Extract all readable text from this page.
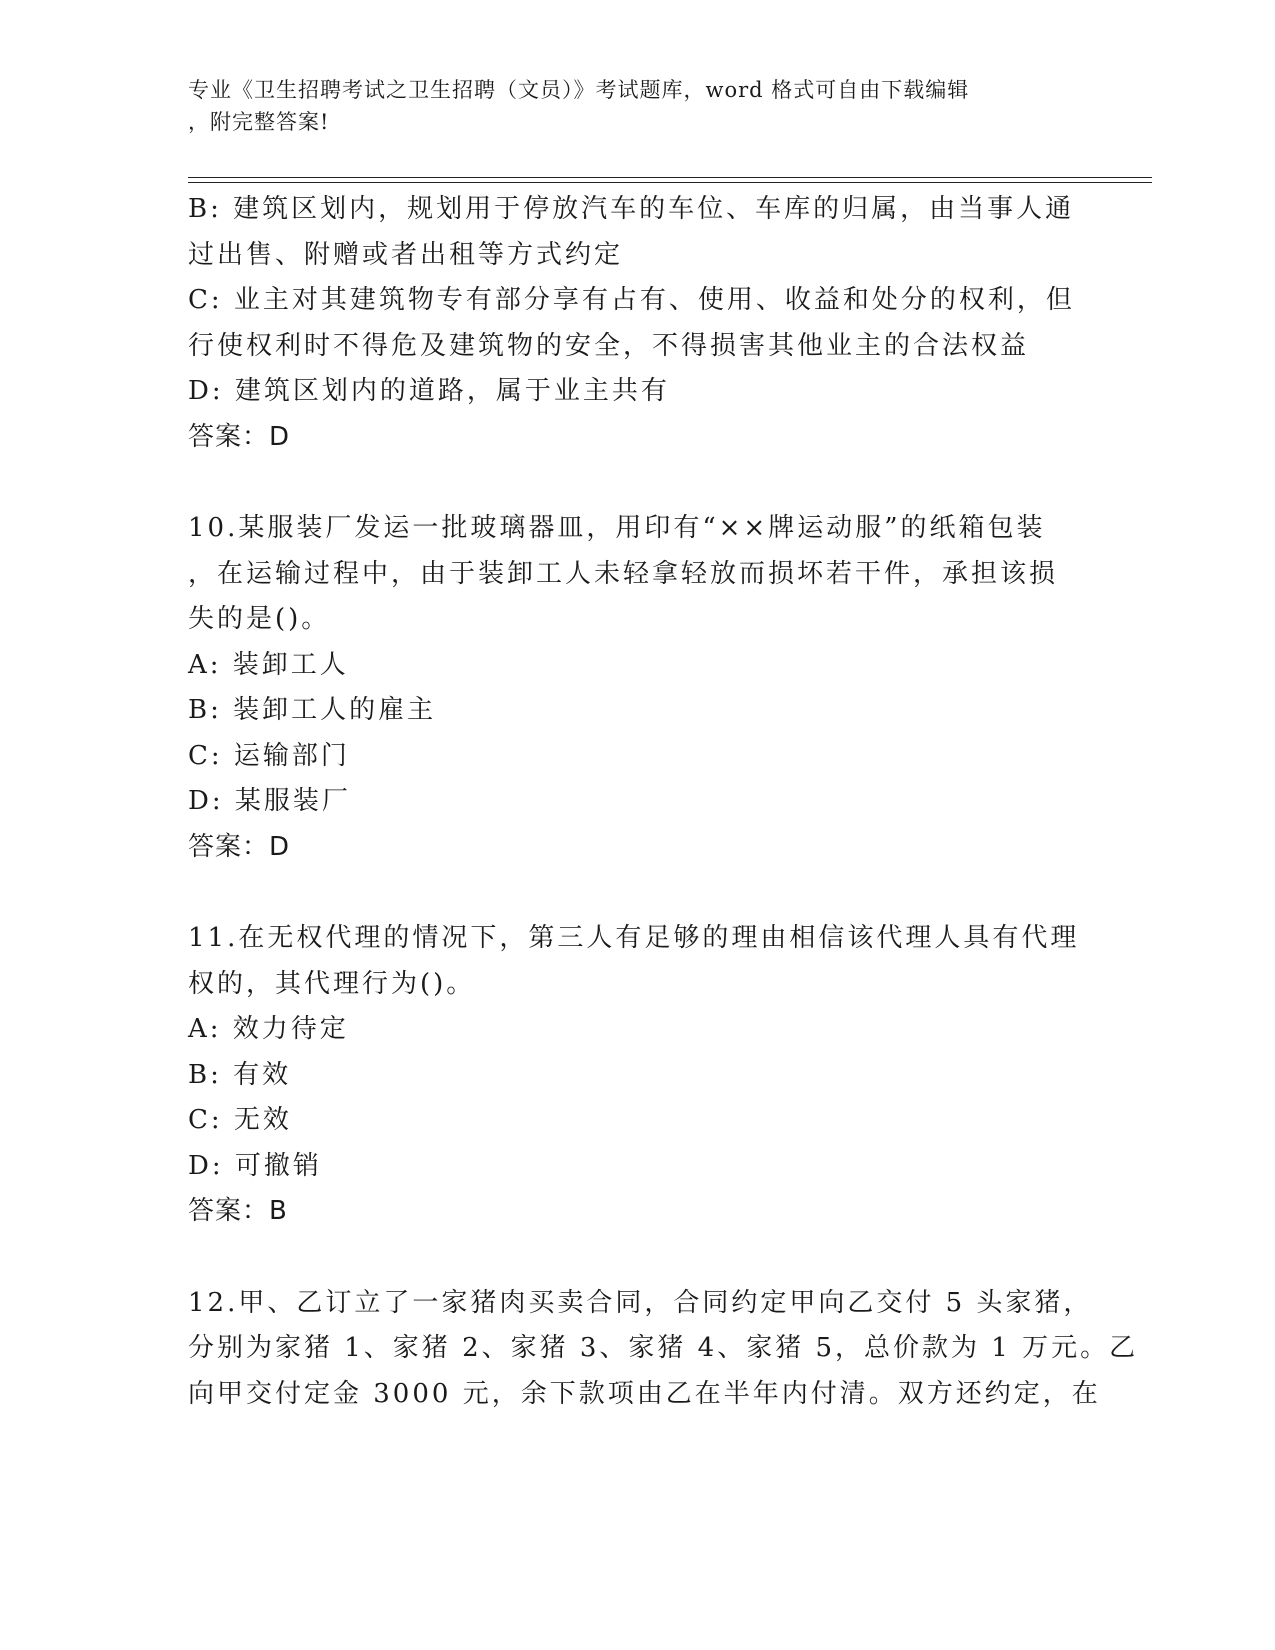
专业《卫生招聘考试之卫生招聘（文员）》考试题库，word 格式可自由下载编辑
，附完整答案!
B: 建筑区划内，规划用于停放汽车的车位、车库的归属，由当事人通
过出售、附赠或者出租等方式约定
C: 业主对其建筑物专有部分享有占有、使用、收益和处分的权利，但
行使权利时不得危及建筑物的安全，不得损害其他业主的合法权益
D: 建筑区划内的道路，属于业主共有
答案：D
10.某服装厂发运一批玻璃器皿，用印有“××牌运动服”的纸箱包装
，在运输过程中，由于装卸工人未轻拿轻放而损坏若干件，承担该损
失的是()。
A: 装卸工人
B: 装卸工人的雇主
C: 运输部门
D: 某服装厂
答案：D
11.在无权代理的情况下，第三人有足够的理由相信该代理人具有代理
权的，其代理行为()。
A: 效力待定
B: 有效
C: 无效
D: 可撤销
答案：B
12.甲、乙订立了一家猪肉买卖合同，合同约定甲向乙交付 5 头家猪，
分别为家猪 1、家猪 2、家猪 3、家猪 4、家猪 5，总价款为 1 万元。乙
向甲交付定金 3000 元，余下款项由乙在半年内付清。双方还约定，在
